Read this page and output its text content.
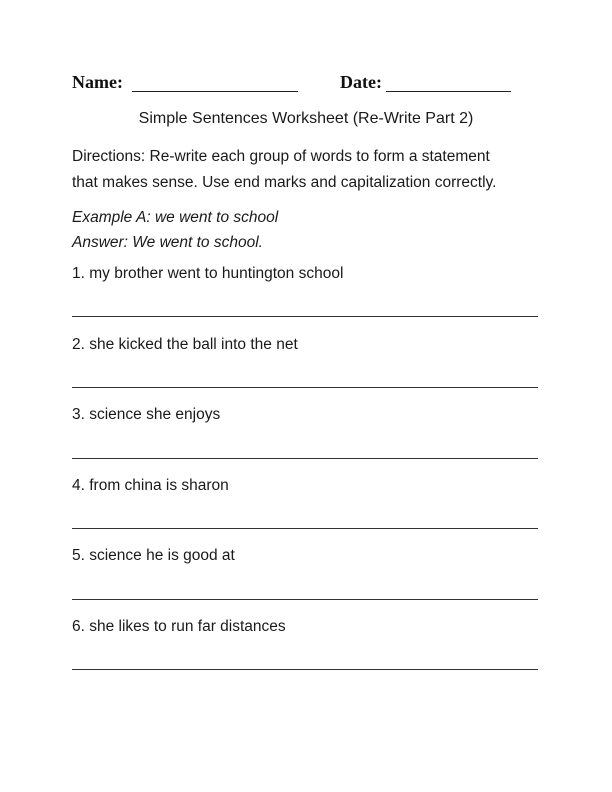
Name:	Date:
Simple Sentences Worksheet (Re-Write Part 2)
Directions: Re-write each group of words to form a statement
that makes sense. Use end marks and capitalization correctly.
Example A: we went to school
Answer: We went to school.
1. my brother went to huntington school
2. she kicked the ball into the net
3. science she enjoys
4. from china is sharon
5. science he is good at
6. she likes to run far distances
